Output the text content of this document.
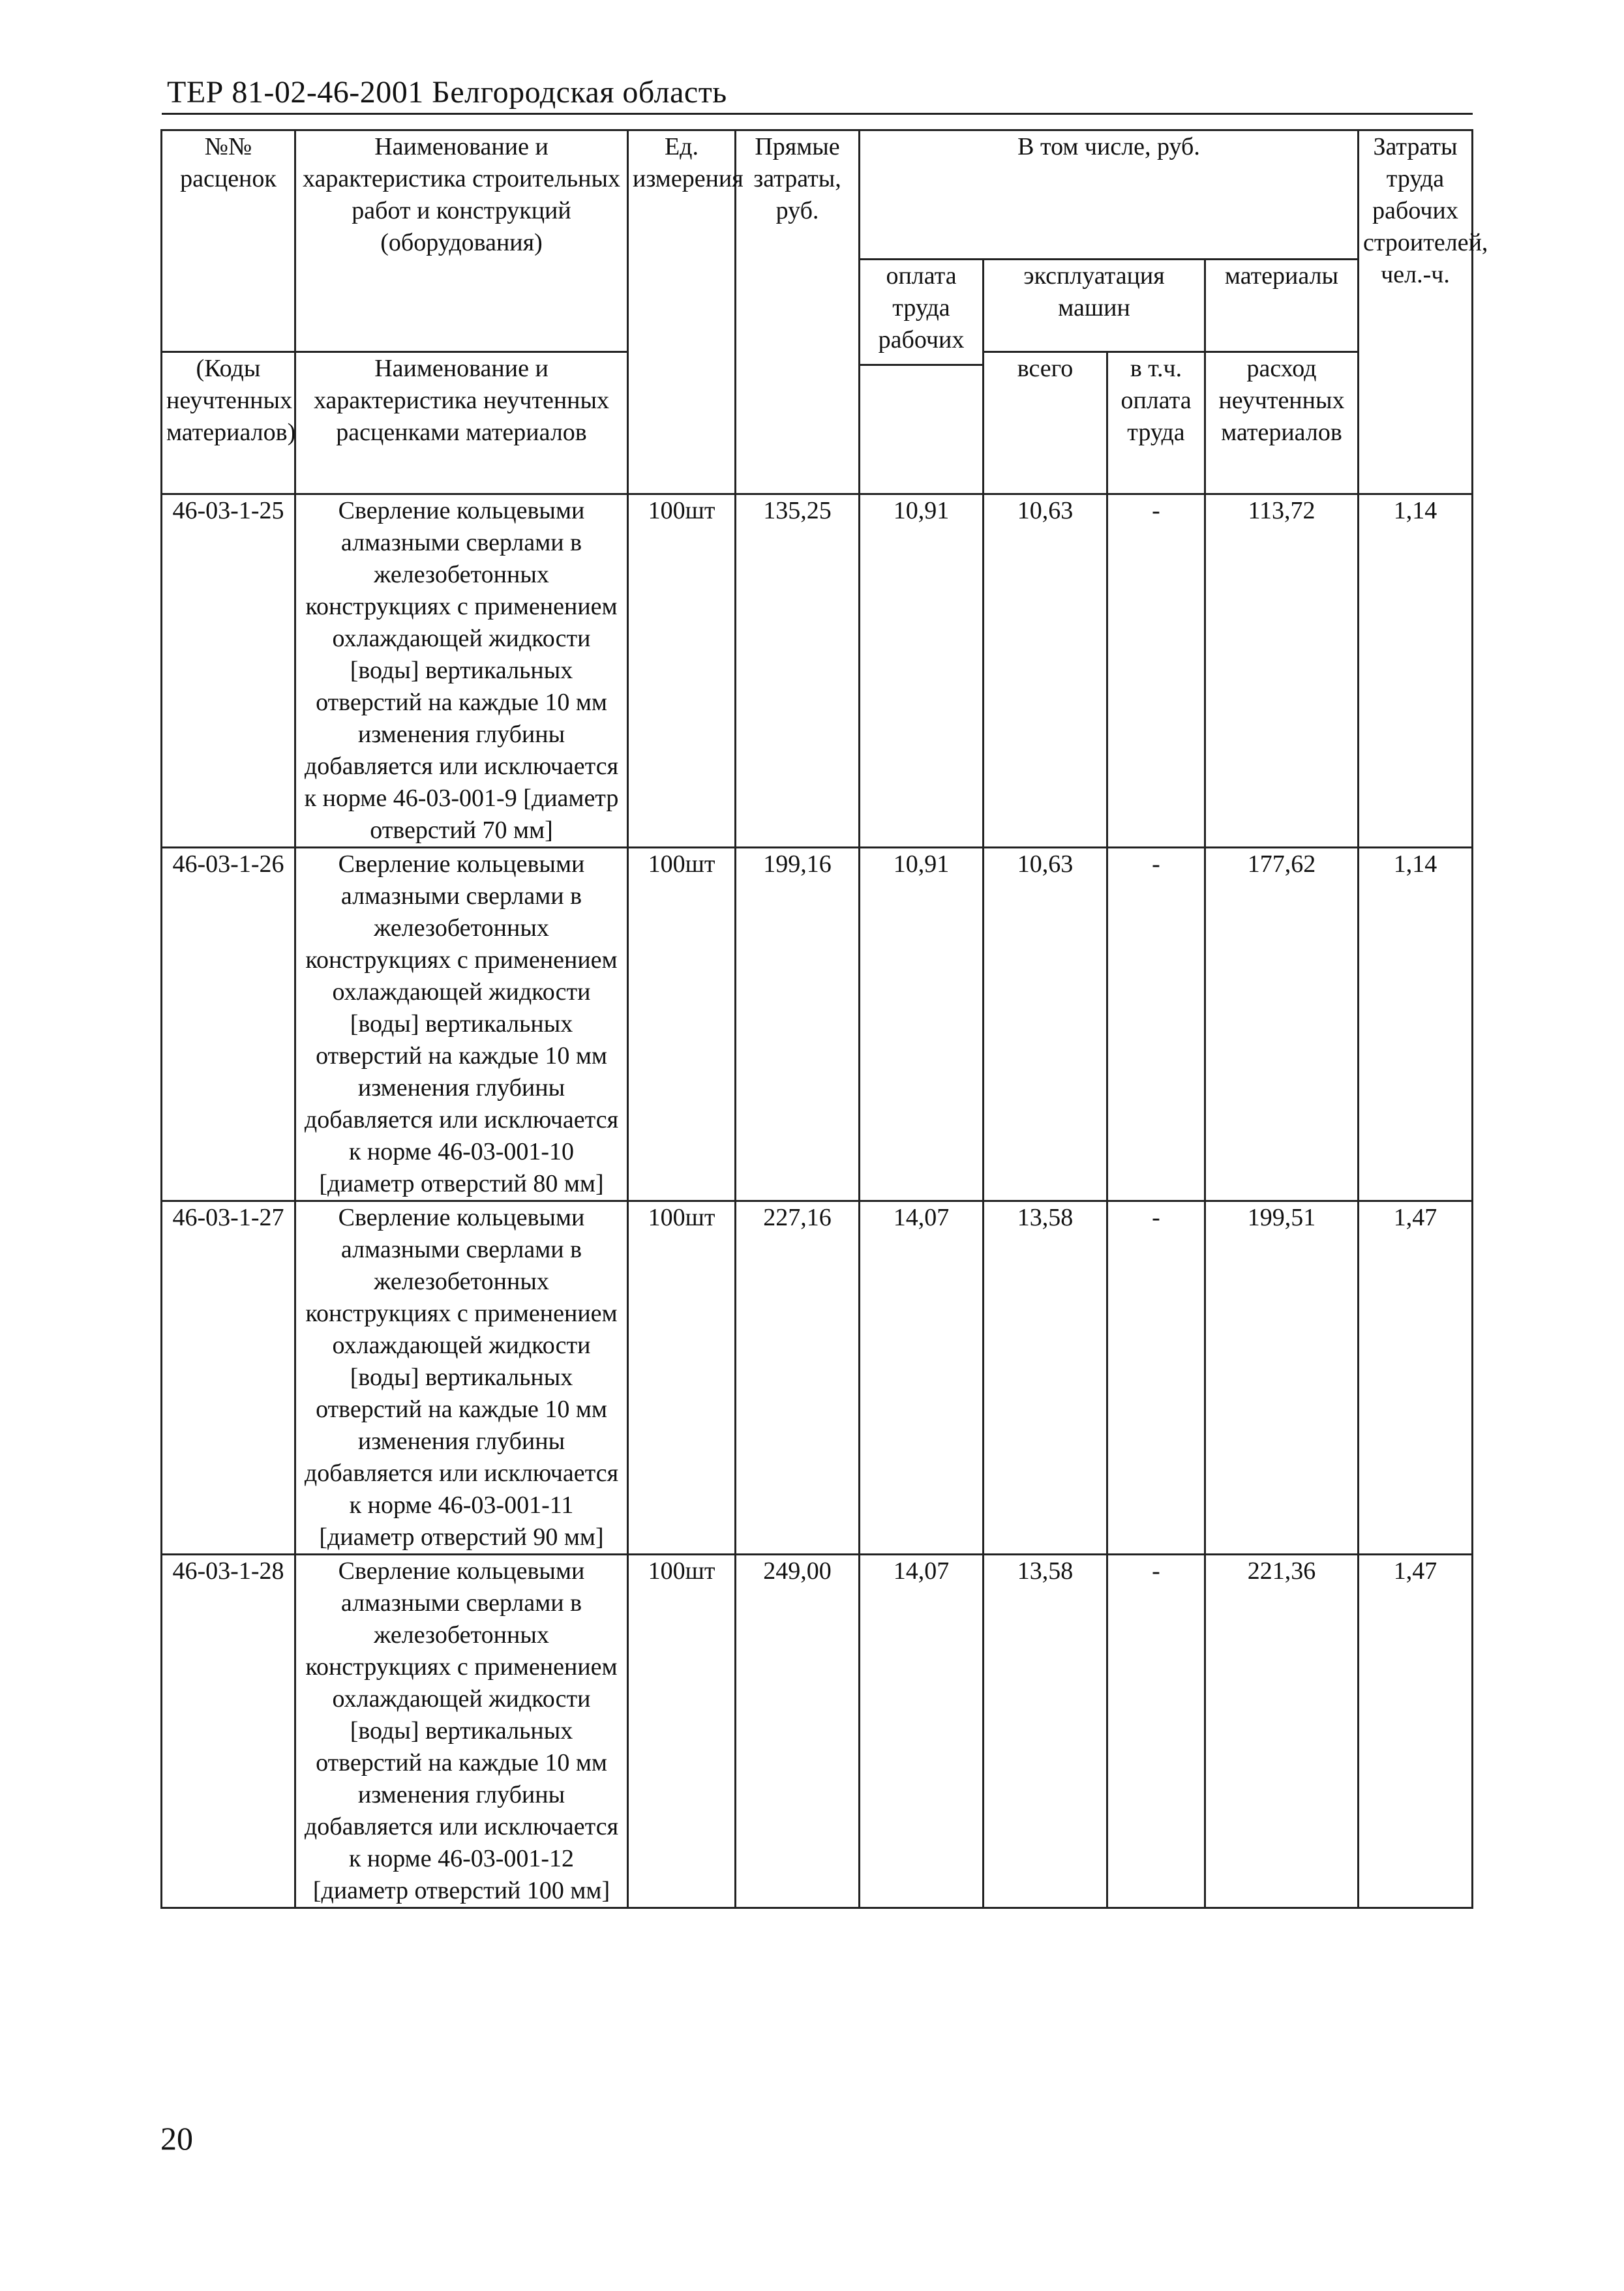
ТЕР 81-02-46-2001 Белгородская область
№№ расценок	Наименование и характеристика строительных работ и конструкций (оборудования)	Ед. измерения	Прямые затраты, руб.	В том числе, руб.				Затраты труда рабочих строителей, чел.-ч.
				оплата труда рабочих	эксплуатация машин		материалы	
(Коды неучтенных материалов)	Наименование и характеристика неучтенных расценками материалов				всего	в т.ч. оплата труда	расход неучтенных материалов	

46-03-1-25	Сверление кольцевыми алмазными сверлами в железобетонных конструкциях с применением охлаждающей жидкости [воды] вертикальных отверстий на каждые 10 мм изменения глубины добавляется или исключается к норме 46-03-001-9 [диаметр отверстий 70 мм]	100шт	135,25	10,91	10,63	-	113,72	1,14
46-03-1-26	Сверление кольцевыми алмазными сверлами в железобетонных конструкциях с применением охлаждающей жидкости [воды] вертикальных отверстий на каждые 10 мм изменения глубины добавляется или исключается к норме 46-03-001-10 [диаметр отверстий 80 мм]	100шт	199,16	10,91	10,63	-	177,62	1,14
46-03-1-27	Сверление кольцевыми алмазными сверлами в железобетонных конструкциях с применением охлаждающей жидкости [воды] вертикальных отверстий на каждые 10 мм изменения глубины добавляется или исключается к норме 46-03-001-11 [диаметр отверстий 90 мм]	100шт	227,16	14,07	13,58	-	199,51	1,47
46-03-1-28	Сверление кольцевыми алмазными сверлами в железобетонных конструкциях с применением охлаждающей жидкости [воды] вертикальных отверстий на каждые 10 мм изменения глубины добавляется или исключается к норме 46-03-001-12 [диаметр отверстий 100 мм]	100шт	249,00	14,07	13,58	-	221,36	1,47
20
